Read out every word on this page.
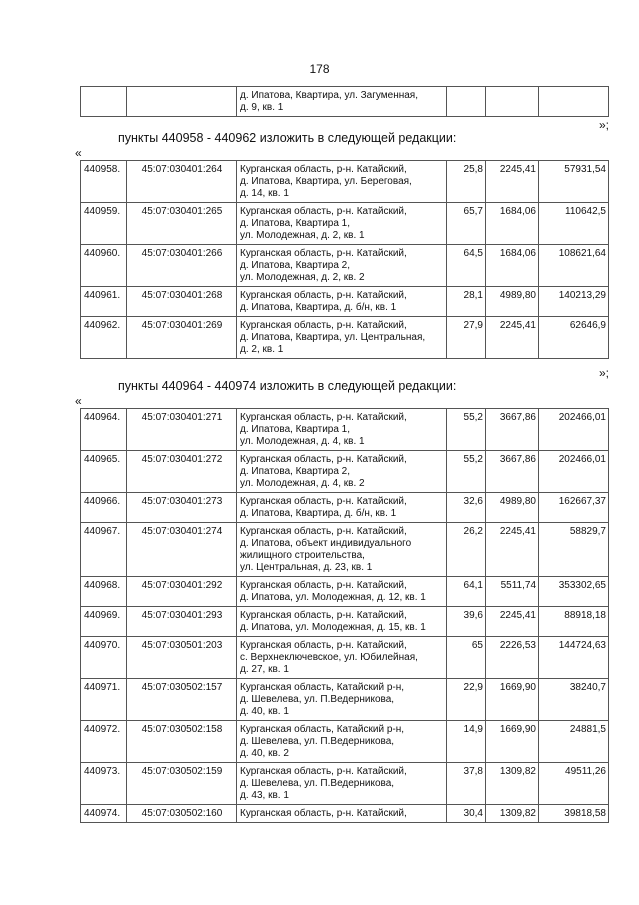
178

д. Ипатова, Квартира, ул. Загуменная,
д. 9, кв. 1

»;
пункты 440958 - 440962 изложить в следующей редакции:
«
440958.	45:07:030401:264	Курганская область, р-н. Катайский,
д. Ипатова, Квартира, ул. Береговая,
д. 14, кв. 1	25,8	2245,41	57931,54
440959.	45:07:030401:265	Курганская область, р-н. Катайский,
д. Ипатова, Квартира 1,
ул. Молодежная, д. 2, кв. 1	65,7	1684,06	110642,5
440960.	45:07:030401:266	Курганская область, р-н. Катайский,
д. Ипатова, Квартира 2,
ул. Молодежная, д. 2, кв. 2	64,5	1684,06	108621,64
440961.	45:07:030401:268	Курганская область, р-н. Катайский,
д. Ипатова, Квартира, д. б/н, кв. 1	28,1	4989,80	140213,29
440962.	45:07:030401:269	Курганская область, р-н. Катайский,
д. Ипатова, Квартира, ул. Центральная,
д. 2, кв. 1	27,9	2245,41	62646,9
»;
пункты 440964 - 440974 изложить в следующей редакции:
«
440964.	45:07:030401:271	Курганская область, р-н. Катайский,
д. Ипатова, Квартира 1,
ул. Молодежная, д. 4, кв. 1	55,2	3667,86	202466,01
440965.	45:07:030401:272	Курганская область, р-н. Катайский,
д. Ипатова, Квартира 2,
ул. Молодежная, д. 4, кв. 2	55,2	3667,86	202466,01
440966.	45:07:030401:273	Курганская область, р-н. Катайский,
д. Ипатова, Квартира, д. б/н, кв. 1	32,6	4989,80	162667,37
440967.	45:07:030401:274	Курганская область, р-н. Катайский,
д. Ипатова, объект индивидуального
жилищного строительства,
ул. Центральная, д. 23, кв. 1	26,2	2245,41	58829,7
440968.	45:07:030401:292	Курганская область, р-н. Катайский,
д. Ипатова, ул. Молодежная, д. 12, кв. 1	64,1	5511,74	353302,65
440969.	45:07:030401:293	Курганская область, р-н. Катайский,
д. Ипатова, ул. Молодежная, д. 15, кв. 1	39,6	2245,41	88918,18
440970.	45:07:030501:203	Курганская область, р-н. Катайский,
с. Верхнеключевское, ул. Юбилейная,
д. 27, кв. 1	65	2226,53	144724,63
440971.	45:07:030502:157	Курганская область, Катайский р-н,
д. Шевелева, ул. П.Ведерникова,
д. 40, кв. 1	22,9	1669,90	38240,7
440972.	45:07:030502:158	Курганская область, Катайский р-н,
д. Шевелева, ул. П.Ведерникова,
д. 40, кв. 2	14,9	1669,90	24881,5
440973.	45:07:030502:159	Курганская область, р-н. Катайский,
д. Шевелева, ул. П.Ведерникова,
д. 43, кв. 1	37,8	1309,82	49511,26
440974.	45:07:030502:160	Курганская область, р-н. Катайский,	30,4	1309,82	39818,58
